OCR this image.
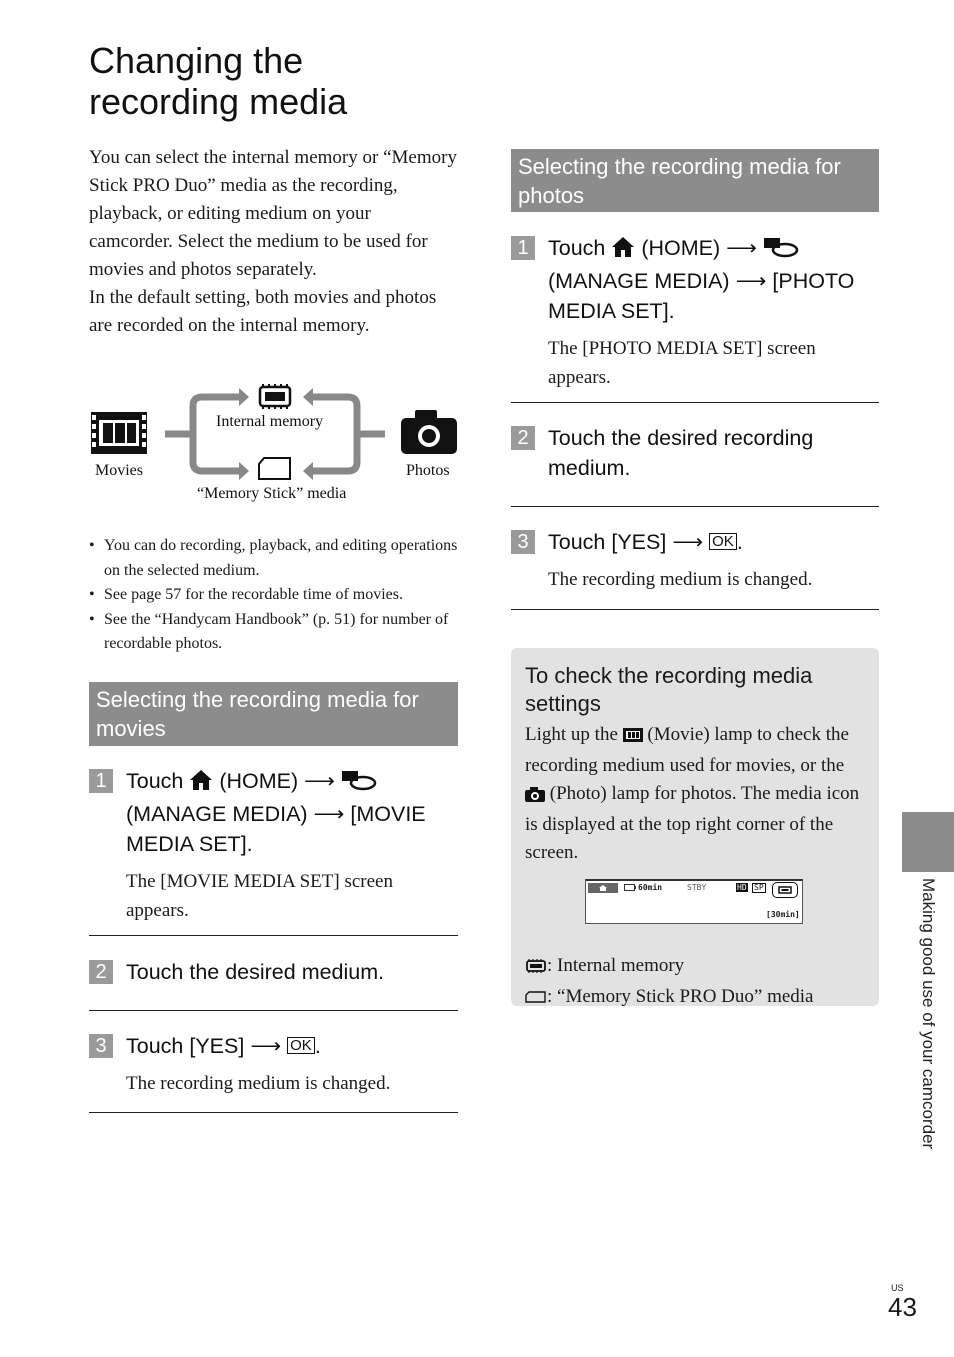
Changing the
recording media

You can select the internal memory or “Memory Stick PRO Duo” media as the recording, playback, or editing medium on your camcorder. Select the medium to be used for movies and photos separately.

In the default setting, both movies and photos are recorded on the internal memory.

Movies	Photos
Internal memory
“Memory Stick” media
• You can do recording, playback, and editing operations on the selected medium.
• See page 57 for the recordable time of movies.
• See the “Handycam Handbook” (p. 51) for number of recordable photos.
Selecting the recording media for movies
1 Touch (HOME) ⟶
(MANAGE MEDIA) ⟶ [MOVIE MEDIA SET].

The [MOVIE MEDIA SET] screen appears.

2 Touch the desired medium.

3 Touch [YES] ⟶ OK .

The recording medium is changed.

Selecting the recording media for photos
1 Touch (HOME) ⟶
(MANAGE MEDIA) ⟶ [PHOTO MEDIA SET].

The [PHOTO MEDIA SET] screen appears.

2 Touch the desired recording medium.

3 Touch [YES] ⟶ OK .

The recording medium is changed.

To check the recording media settings

Light up the (Movie) lamp to check the recording medium used for movies, or the  (Photo) lamp for photos. The media icon is displayed at the top right corner of the screen.

60min	STBY	HD SP
[30min]

: Internal memory

: “Memory Stick PRO Duo” media	Making good use of your camcorder
US
43
